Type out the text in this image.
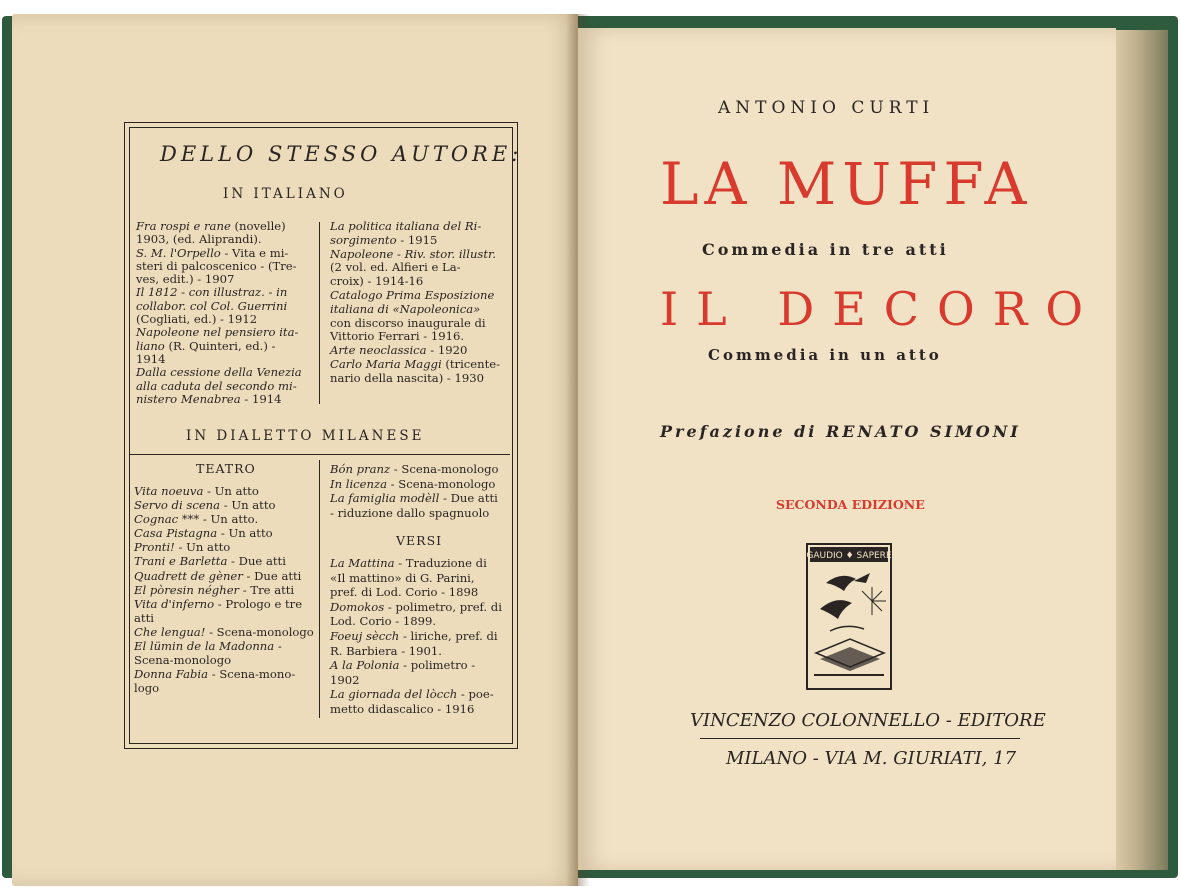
DELLO STESSO AUTORE:
IN ITALIANO
Fra rospi e rane (novelle)
1903, (ed. Aliprandi).
S. M. l'Orpello - Vita e mi-
steri di palcoscenico - (Tre-
ves, edit.) - 1907
Il 1812 - con illustraz. - in
collabor. col Col. Guerrini
(Cogliati, ed.) - 1912
Napoleone nel pensiero ita-
liano (R. Quinteri, ed.) -
1914
Dalla cessione della Venezia
alla caduta del secondo mi-
nistero Menabrea - 1914
La politica italiana del Ri-
sorgimento - 1915
Napoleone - Riv. stor. illustr.
(2 vol. ed. Alfieri e La-
croix) - 1914-16
Catalogo Prima Esposizione
italiana di «Napoleonica»
con discorso inaugurale di
Vittorio Ferrari - 1916.
Arte neoclassica - 1920
Carlo Maria Maggi (tricente-
nario della nascita) - 1930
IN DIALETTO MILANESE
TEATRO
Vita noeuva - Un atto
Servo di scena - Un atto
Cognac *** - Un atto.
Casa Pistagna - Un atto
Pronti! - Un atto
Trani e Barletta - Due atti
Quadrett de gèner - Due atti
El pòresin négher - Tre atti
Vita d'inferno - Prologo e tre
atti
Che lengua! - Scena-monologo
El lümin de la Madonna -
Scena-monologo
Donna Fabia - Scena-mono-
logo
Bón pranz - Scena-monologo
In licenza - Scena-monologo
La famiglia modèll - Due atti
- riduzione dallo spagnuolo
VERSI
La Mattina - Traduzione di
«Il mattino» di G. Parini,
pref. di Lod. Corio - 1898
Domokos - polimetro, pref. di
Lod. Corio - 1899.
Foeuj sècch - liriche, pref. di
R. Barbiera - 1901.
A la Polonia - polimetro -
1902
La giornada del lòcch - poe-
metto didascalico - 1916
ANTONIO CURTI
LA MUFFA
Commedia in tre atti
IL DECORO
Commedia in un atto
Prefazione di RENATO SIMONI
SECONDA EDIZIONE
GAUDIO ♦ SAPERE
VINCENZO COLONNELLO - EDITORE
MILANO - VIA M. GIURIATI, 17
